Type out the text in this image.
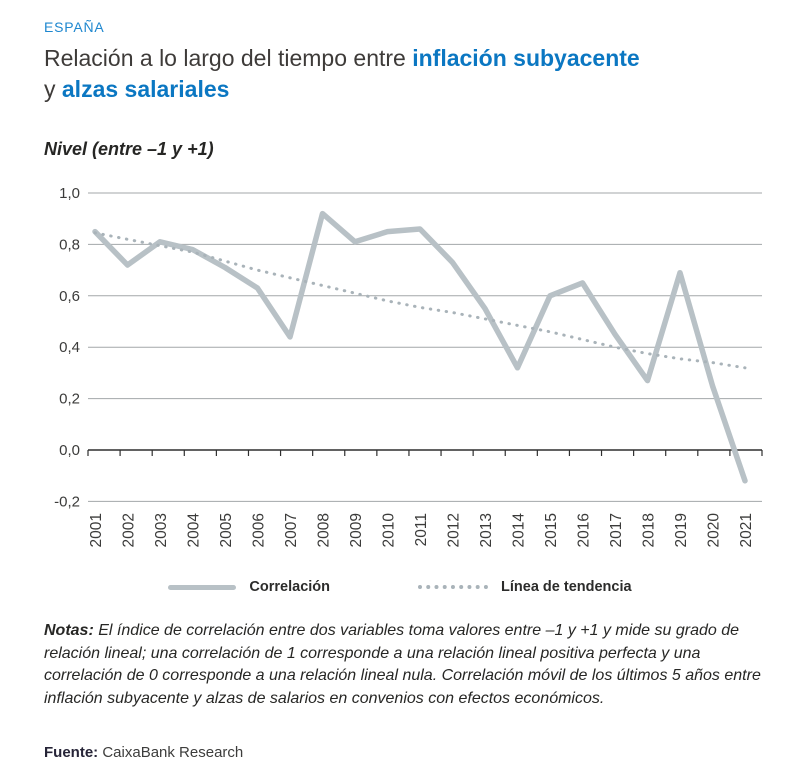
ESPAÑA
Relación a lo largo del tiempo entre inflación subyacente
y alzas salariales
Nivel (entre –1 y +1)
1,0
0,8
0,6
0,4
0,2
0,0
-0,2
2001 2002 2003 2004 2005 2006 2007 2008 2009 2010 2011 2012 2013 2014 2015 2016 2017 2018 2019 2020 2021
Correlación	Línea de tendencia

Notas: El índice de correlación entre dos variables toma valores entre –1 y +1 y mide su grado de relación lineal; una correlación de 1 corresponde a una relación lineal positiva perfecta y una correlación de 0 corresponde a una relación lineal nula. Correlación móvil de los últimos 5 años entre inflación subyacente y alzas de salarios en convenios con efectos económicos.

Fuente: CaixaBank Research
